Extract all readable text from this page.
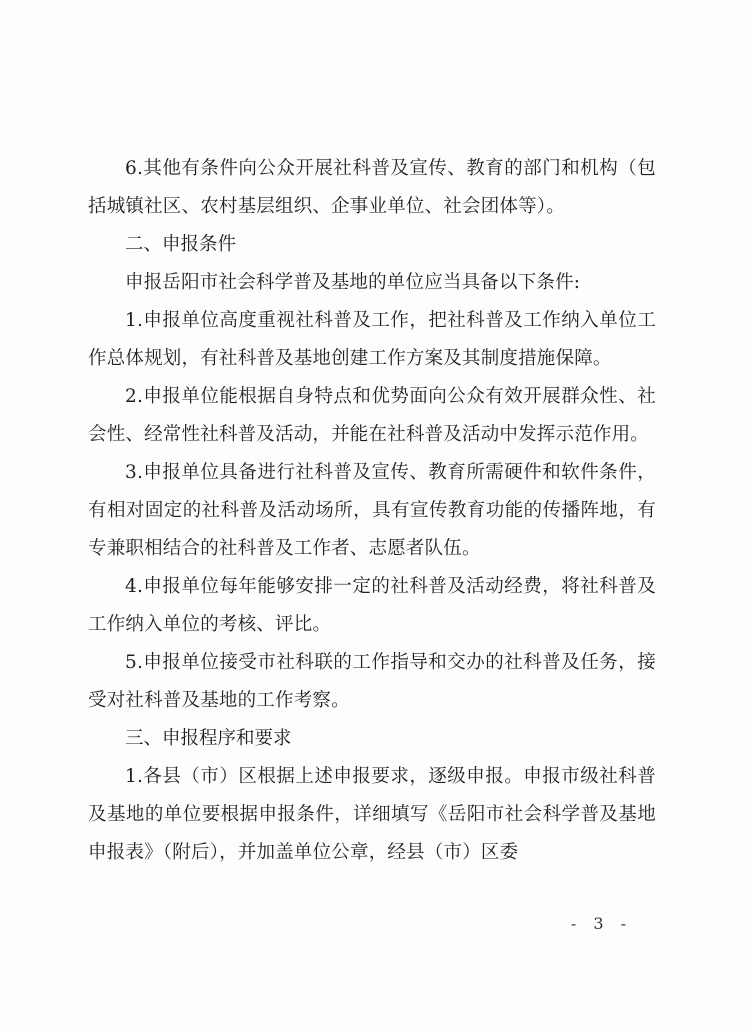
6.其他有条件向公众开展社科普及宣传、教育的部门和机构（包括城镇社区、农村基层组织、企事业单位、社会团体等）。

二、申报条件

申报岳阳市社会科学普及基地的单位应当具备以下条件:

1.申报单位高度重视社科普及工作，把社科普及工作纳入单位工作总体规划，有社科普及基地创建工作方案及其制度措施保障。

2.申报单位能根据自身特点和优势面向公众有效开展群众性、社会性、经常性社科普及活动，并能在社科普及活动中发挥示范作用。

3.申报单位具备进行社科普及宣传、教育所需硬件和软件条件，有相对固定的社科普及活动场所，具有宣传教育功能的传播阵地，有专兼职相结合的社科普及工作者、志愿者队伍。

4.申报单位每年能够安排一定的社科普及活动经费，将社科普及工作纳入单位的考核、评比。

5.申报单位接受市社科联的工作指导和交办的社科普及任务，接受对社科普及基地的工作考察。

三、申报程序和要求

1.各县（市）区根据上述申报要求，逐级申报。申报市级社科普及基地的单位要根据申报条件，详细填写《岳阳市社会科学普及基地申报表》（附后），并加盖单位公章，经县（市）区委

- 3 -
